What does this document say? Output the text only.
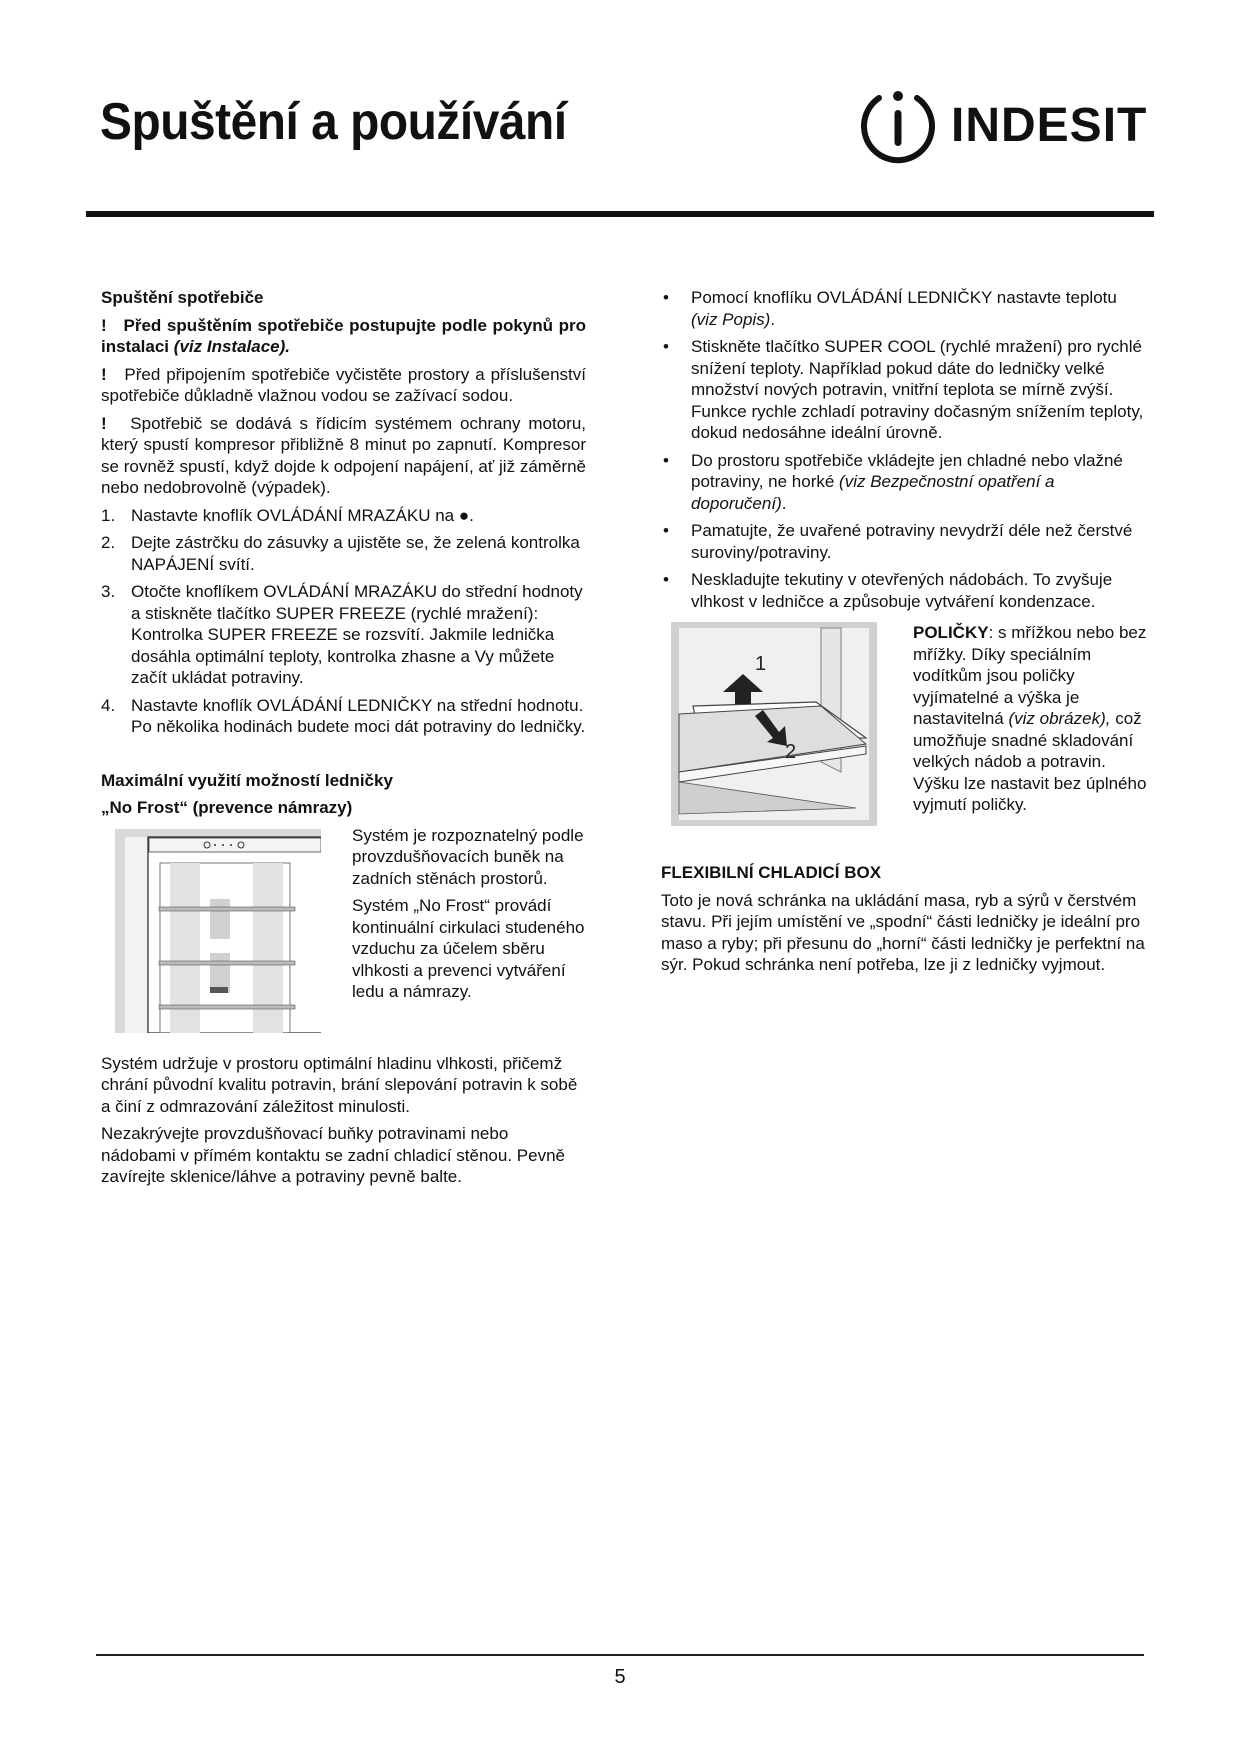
Spuštění a používání	INDESIT
Spuštění spotřebiče

! Před spuštěním spotřebiče postupujte podle pokynů pro instalaci (viz Instalace).

! Před připojením spotřebiče vyčistěte prostory a příslušenství spotřebiče důkladně vlažnou vodou se zažívací sodou.

! Spotřebič se dodává s řídicím systémem ochrany motoru, který spustí kompresor přibližně 8 minut po zapnutí. Kompresor se rovněž spustí, když dojde k odpojení napájení, ať již záměrně nebo nedobrovolně (výpadek).

1. Nastavte knoflík OVLÁDÁNÍ MRAZÁKU na ●.
2. Dejte zástrčku do zásuvky a ujistěte se, že zelená kontrolka NAPÁJENÍ svítí.
3. Otočte knoflíkem OVLÁDÁNÍ MRAZÁKU do střední hodnoty a stiskněte tlačítko SUPER FREEZE (rychlé mražení): Kontrolka SUPER FREEZE se rozsvítí. Jakmile lednička dosáhla optimální teploty, kontrolka zhasne a Vy můžete začít ukládat potraviny.
4. Nastavte knoflík OVLÁDÁNÍ LEDNIČKY na střední hodnotu. Po několika hodinách budete moci dát potraviny do ledničky.
Maximální využití možností ledničky
„No Frost“ (prevence námrazy)

Systém je rozpoznatelný podle provzdušňovacích buněk na zadních stěnách prostorů.

Systém „No Frost“ provádí kontinuální cirkulaci studeného vzduchu za účelem sběru vlhkosti a prevenci vytváření ledu a námrazy.

Systém udržuje v prostoru optimální hladinu vlhkosti, přičemž chrání původní kvalitu potravin, brání slepování potravin k sobě a činí z odmrazování záležitost minulosti.

Nezakrývejte provzdušňovací buňky potravinami nebo nádobami v přímém kontaktu se zadní chladicí stěnou. Pevně zavírejte sklenice/láhve a potraviny pevně balte.

• Pomocí knoflíku OVLÁDÁNÍ LEDNIČKY nastavte teplotu (viz Popis).
• Stiskněte tlačítko SUPER COOL (rychlé mražení) pro rychlé snížení teploty. Například pokud dáte do ledničky velké množství nových potravin, vnitřní teplota se mírně zvýší. Funkce rychle zchladí potraviny dočasným snížením teploty, dokud nedosáhne ideální úrovně.
• Do prostoru spotřebiče vkládejte jen chladné nebo vlažné potraviny, ne horké (viz Bezpečnostní opatření a doporučení).
• Pamatujte, že uvařené potraviny nevydrží déle než čerstvé suroviny/potraviny.
• Neskladujte tekutiny v otevřených nádobách. To zvyšuje vlhkost v ledničce a způsobuje vytváření kondenzace.
1
2
POLIČKY: s mřížkou nebo bez mřížky. Díky speciálním vodítkům jsou poličky vyjímatelné a výška je nastavitelná (viz obrázek), což umožňuje snadné skladování velkých nádob a potravin. Výšku lze nastavit bez úplného vyjmutí poličky.
FLEXIBILNÍ CHLADICÍ BOX

Toto je nová schránka na ukládání masa, ryb a sýrů v čerstvém stavu. Při jejím umístění ve „spodní“ části ledničky je ideální pro maso a ryby; při přesunu do „horní“ části ledničky je perfektní na sýr. Pokud schránka není potřeba, lze ji z ledničky vyjmout.

5
